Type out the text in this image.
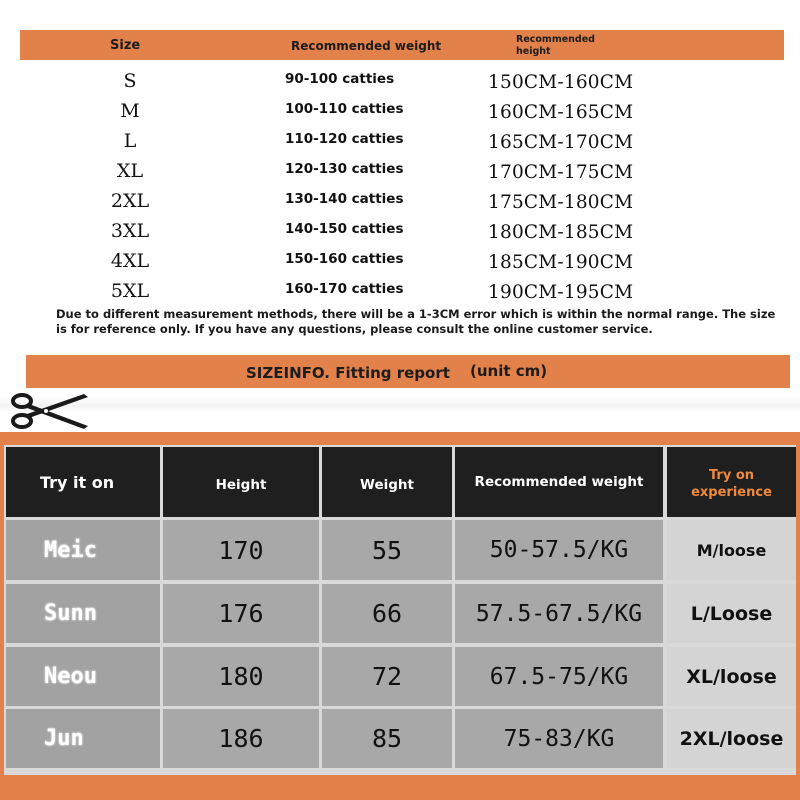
Size	Recommended weight	Recommended height
S	90-100 catties	150CM-160CM
M	100-110 catties	160CM-165CM
L	110-120 catties	165CM-170CM
XL	120-130 catties	170CM-175CM
2XL	130-140 catties	175CM-180CM
3XL	140-150 catties	180CM-185CM
4XL	150-160 catties	185CM-190CM
5XL	160-170 catties	190CM-195CM
Due to different measurement methods, there will be a 1-3CM error which is within the normal range. The size is for reference only. If you have any questions, please consult the online customer service.
SIZEINFO. Fitting report (unit cm)
Try it on	Height	Weight	Recommended weight	Try on experience
Meic	170	55	50-57.5/KG	M/loose
Sunn	176	66	57.5-67.5/KG	L/Loose
Neou	180	72	67.5-75/KG	XL/loose
Jun	186	85	75-83/KG	2XL/loose
